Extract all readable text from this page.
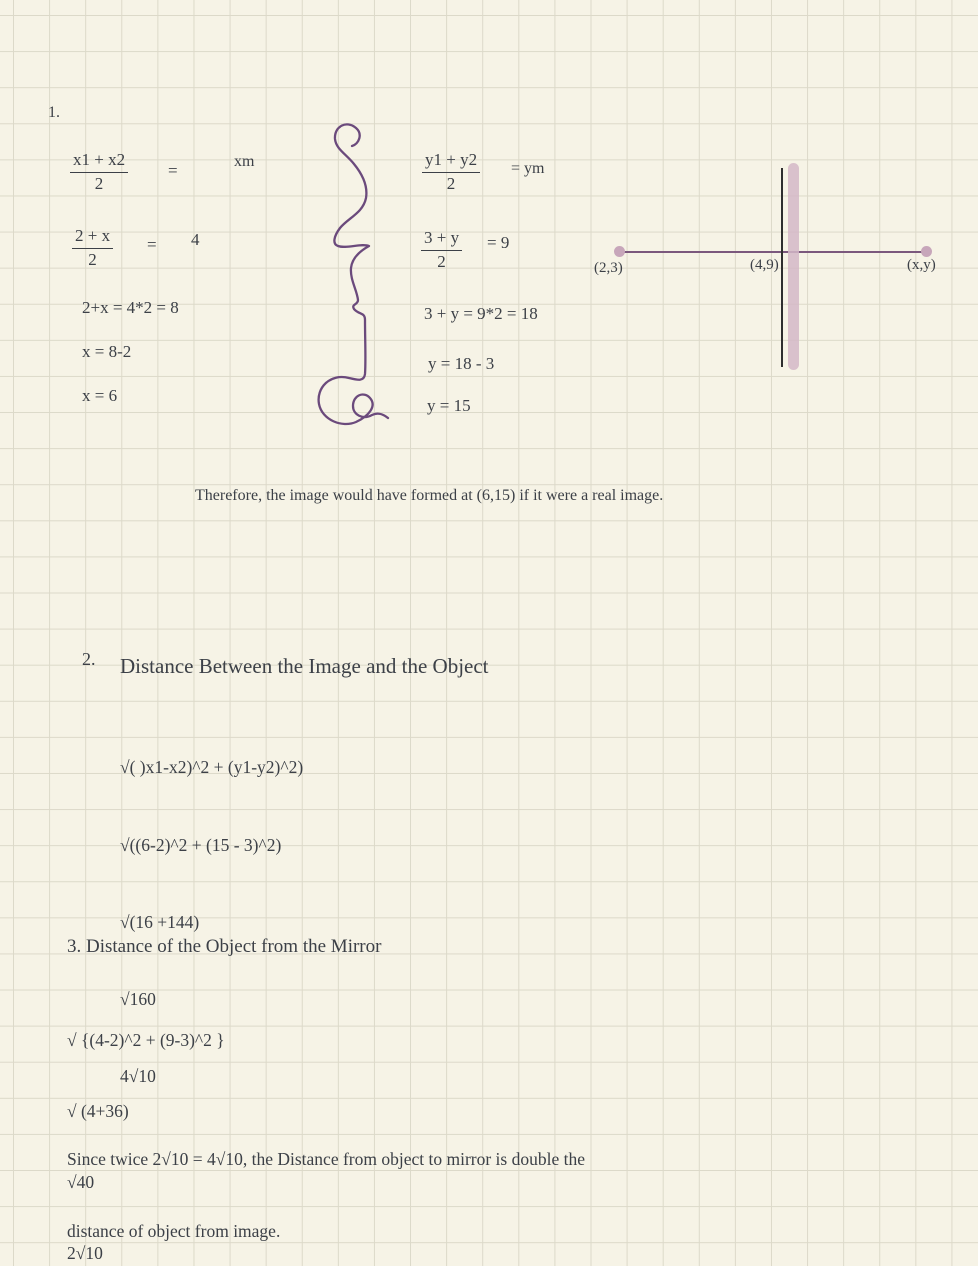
1.
$\frac{x1 + x2}{2}$ =	xm	$\frac{y1 + y2}{2}$ = ym
$\frac{2 + x}{2} = 4$	$\frac{3 + y}{2} = 9$
2+x = 4*2 = 8
x = 8-2
x = 6
3 + y = 9*2 = 18
y = 18 - 3
y = 15
Therefore, the image would have formed at (6,15) if it were a real image.
(2,3)	(4,9)	(x,y)
2. Distance Between the Image and the Object

√( )x1-x2)^2 + (y1-y2)^2)

√((6-2)^2 + (15 - 3)^2)

√(16 +144)

√160

4√10

3. Distance of the Object from the Mirror

√ {(4-2)^2 + (9-3)^2 }

√ (4+36)

√40

2√10

Since twice 2√10 = 4√10, the Distance from object to mirror is double the

distance of object from image.
